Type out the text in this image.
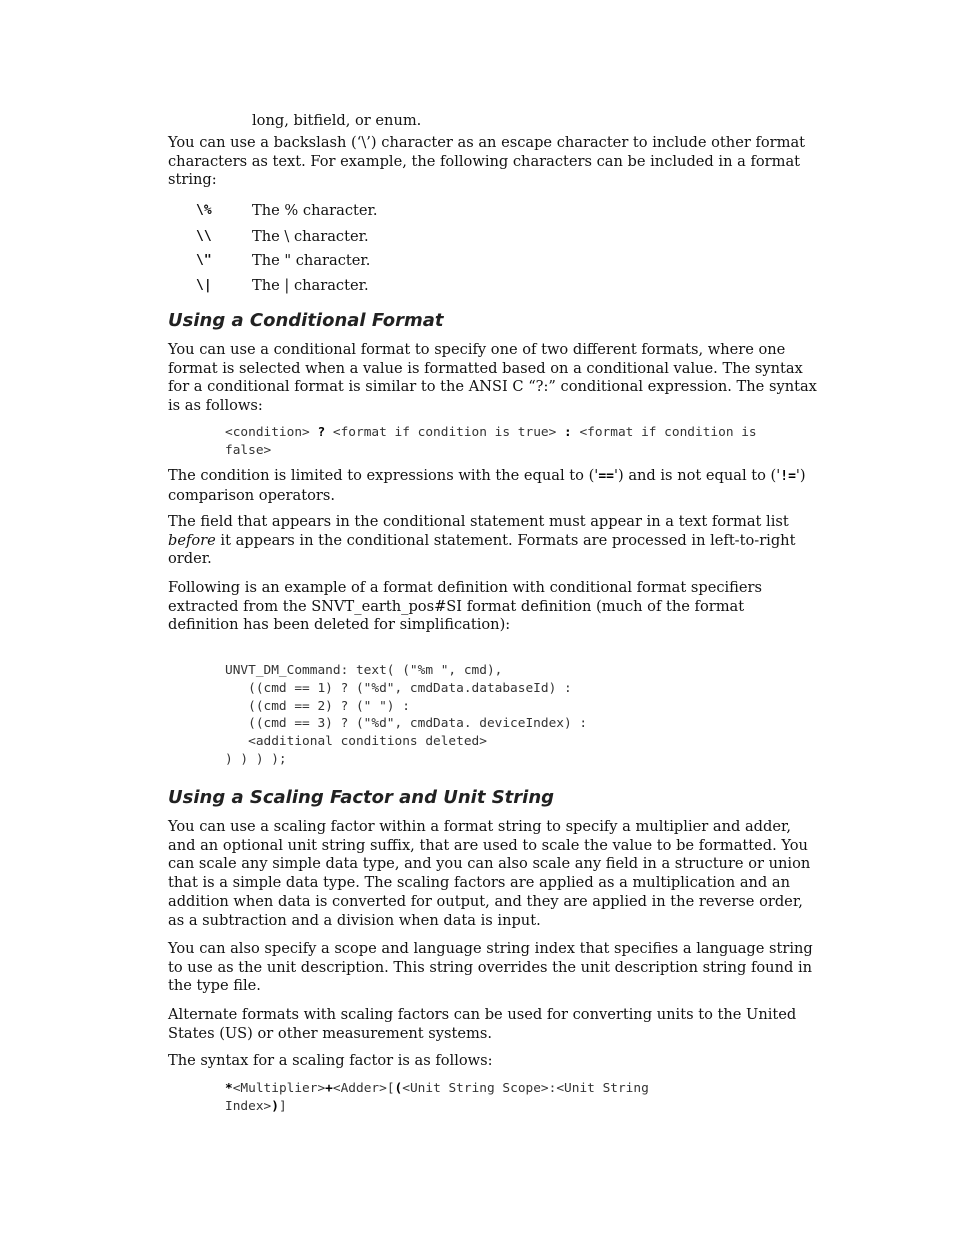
long, bitfield, or enum.

You can use a backslash (‘\’) character as an escape character to include other format characters as text. For example, the following characters can be included in a format string:

\%	The % character.
\\	The \ character.
\"	The " character.
\|	The | character.
Using a Conditional Format

You can use a conditional format to specify one of two different formats, where one format is selected when a value is formatted based on a conditional value. The syntax for a conditional format is similar to the ANSI C “?:” conditional expression. The syntax is as follows:

<condition> ? <format if condition is true> : <format if condition is
false>

The condition is limited to expressions with the equal to ('==') and is not equal to ('!=') comparison operators.

The field that appears in the conditional statement must appear in a text format list before it appears in the conditional statement. Formats are processed in left-to-right order.

Following is an example of a format definition with conditional format specifiers extracted from the SNVT_earth_pos#SI format definition (much of the format definition has been deleted for simplification):

UNVT_DM_Command: text( ("%m ", cmd),
((cmd == 1) ? ("%d", cmdData.databaseId) :
((cmd == 2) ? (" ") :
((cmd == 3) ? ("%d", cmdData. deviceIndex) :
<additional conditions deleted>
) ) ) );
Using a Scaling Factor and Unit String

You can use a scaling factor within a format string to specify a multiplier and adder, and an optional unit string suffix, that are used to scale the value to be formatted. You can scale any simple data type, and you can also scale any field in a structure or union that is a simple data type. The scaling factors are applied as a multiplication and an addition when data is converted for output, and they are applied in the reverse order, as a subtraction and a division when data is input.

You can also specify a scope and language string index that specifies a language string to use as the unit description. This string overrides the unit description string found in the type file.

Alternate formats with scaling factors can be used for converting units to the United States (US) or other measurement systems.

The syntax for a scaling factor is as follows:

*<Multiplier>+<Adder>[(<Unit String Scope>:<Unit String
Index>)]
